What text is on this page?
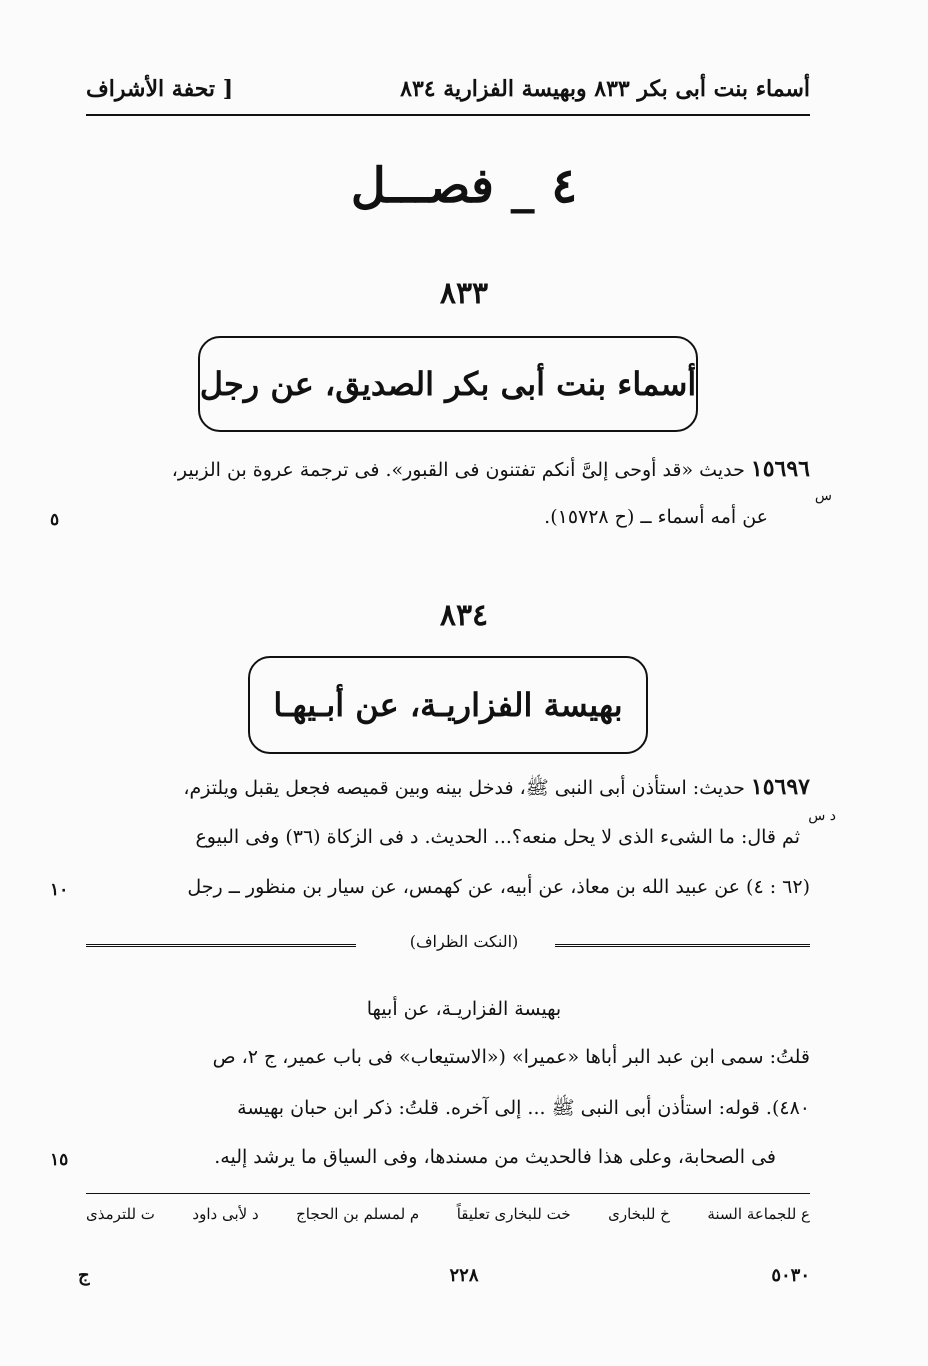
أسماء بنت أبى بكر ٨٣٣ وبهيسة الفزارية ٨٣٤
[ تحفة الأشراف
٤ _ فصـــل
٨٣٣
أسماء بنت أبى بكر الصديق، عن رجل
١٥٦٩٦ حديث «قد أوحى إلىَّ أنكم تفتنون فى القبور». فى ترجمة عروة بن الزبير،
س
عن أمه أسماء ــ (ح ١٥٧٢٨).
٥
٨٣٤
بهيسة الفزاريـة، عن أبـيهـا
١٥٦٩٧ حديث: استأذن أبى النبى ﷺ، فدخل بينه وبين قميصه فجعل يقبل ويلتزم،
د س
ثم قال: ما الشىء الذى لا يحل منعه؟... الحديث. د فى الزكاة (٣٦) وفى البيوع
(٦٢ : ٤) عن عبيد الله بن معاذ، عن أبيه، عن كهمس، عن سيار بن منظور ــ رجل
١٠
(النكت الظراف)
بهيسة الفزاريـة، عن أبيها
قلتُ: سمى ابن عبد البر أباها «عميرا» («الاستيعاب» فى باب عمير، ج ٢، ص
٤٨٠). قوله: استأذن أبى النبى ﷺ ... إلى آخره. قلتُ: ذكر ابن حبان بهيسة
فى الصحابة، وعلى هذا فالحديث من مسندها، وفى السياق ما يرشد إليه.
١٥
ع للجماعة السنة
خ للبخارى
خت للبخارى تعليقاً
م لمسلم بن الحجاج
د لأبى داود
ت للترمذى
ج	٢٢٨	٥٠٣٠
